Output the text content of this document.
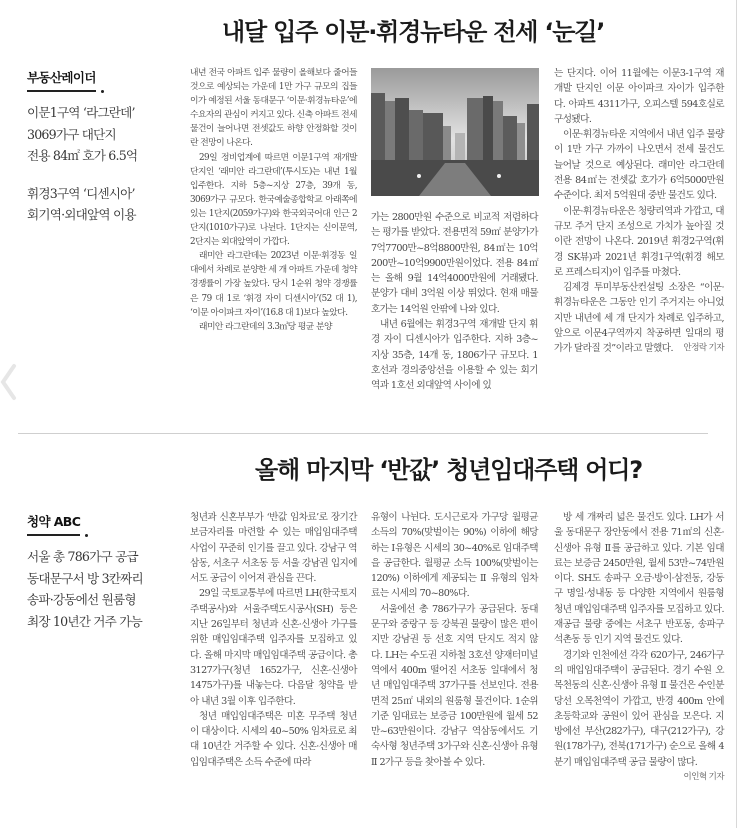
내달 입주 이문·휘경뉴타운 전세 ‘눈길’
부동산레이더
이문1구역 ‘라그란데’
3069가구 대단지
전용 84㎡ 호가 6.5억
휘경3구역 ‘디센시아’
회기역·외대앞역 이용

내년 전국 아파트 입주 물량이 올해보다 줄어들 것으로 예상되는 가운데 1만 가구 규모의 집들이가 예정된 서울 동대문구 ‘이문·휘경뉴타운’에 수요자의 관심이 커지고 있다. 신축 아파트 전세 물건이 늘어나면 전셋값도 하향 안정화할 것이란 전망이 나온다.

29일 정비업계에 따르면 이문1구역 재개발 단지인 ‘래미안 라그란데’(투시도)는 내년 1월 입주한다. 지하 5층~지상 27층, 39개 동, 3069가구 규모다. 한국예술종합학교 아래쪽에 있는 1단지(2059가구)와 한국외국어대 인근 2단지(1010가구)로 나뉜다. 1단지는 신이문역, 2단지는 외대앞역이 가깝다.

래미안 라그란데는 2023년 이문·휘경동 일대에서 차례로 분양한 세 개 아파트 가운데 청약 경쟁률이 가장 높았다. 당시 1순위 청약 경쟁률은 79 대 1로 ‘휘경 자이 디센시아’(52 대 1), ‘이문 아이파크 자이’(16.8 대 1)보다 높았다.

래미안 라그란데의 3.3㎡당 평균 분양

가는 2800만원 수준으로 비교적 저렴하다는 평가를 받았다. 전용면적 59㎡ 분양가가 7억7700만~8억8800만원, 84㎡는 10억200만~10억9900만원이었다. 전용 84㎡는 올해 9월 14억4000만원에 거래됐다. 분양가 대비 3억원 이상 뛰었다. 현재 매물 호가는 14억원 안팎에 나와 있다.

내년 6월에는 휘경3구역 재개발 단지 휘경 자이 디센시아가 입주한다. 지하 3층~지상 35층, 14개 동, 1806가구 규모다. 1호선과 경의중앙선을 이용할 수 있는 회기역과 1호선 외대앞역 사이에 있

는 단지다. 이어 11월에는 이문3-1구역 재개발 단지인 이문 아이파크 자이가 입주한다. 아파트 4311가구, 오피스텔 594호실로 구성됐다.

이문·휘경뉴타운 지역에서 내년 입주 물량이 1만 가구 가까이 나오면서 전세 물건도 늘어날 것으로 예상된다. 래미안 라그란데 전용 84㎡는 전셋값 호가가 6억5000만원 수준이다. 최저 5억원대 중반 물건도 있다.

이문·휘경뉴타운은 청량리역과 가깝고, 대규모 주거 단지 조성으로 가치가 높아질 것이란 전망이 나온다. 2019년 휘경2구역(휘경 SK뷰)과 2021년 휘경1구역(휘경 해모로 프레스티지)이 입주를 마쳤다.

김제경 투미부동산컨설팅 소장은 “이문·휘경뉴타운은 그동안 인기 주거지는 아니었지만 내년에 세 개 단지가 차례로 입주하고, 앞으로 이문4구역까지 착공하면 일대의 평가가 달라질 것”이라고 말했다. 안정락 기자

올해 마지막 ‘반값’ 청년임대주택 어디?
청약 ABC
서울 총 786가구 공급
동대문구서 방 3칸짜리
송파·강동에선 원룸형
최장 10년간 거주 가능

청년과 신혼부부가 ‘반값 임차료’로 장기간 보금자리를 마련할 수 있는 매입임대주택 사업이 꾸준히 인기를 끌고 있다. 강남구 역삼동, 서초구 서초동 등 서울 강남권 입지에서도 공급이 이어져 관심을 끈다.

29일 국토교통부에 따르면 LH(한국토지주택공사)와 서울주택도시공사(SH) 등은 지난 26일부터 청년과 신혼·신생아 가구를 위한 매입임대주택 입주자를 모집하고 있다. 올해 마지막 매입임대주택 공급이다. 총 3127가구(청년 1652가구, 신혼·신생아 1475가구)를 내놓는다. 다음달 청약을 받아 내년 3월 이후 입주한다.

청년 매입임대주택은 미혼 무주택 청년이 대상이다. 시세의 40~50% 임차료로 최대 10년간 거주할 수 있다. 신혼·신생아 매입임대주택은 소득 수준에 따라

유형이 나뉜다. 도시근로자 가구당 월평균 소득의 70%(맞벌이는 90%) 이하에 해당하는 Ⅰ유형은 시세의 30~40%로 임대주택을 공급한다. 월평균 소득 100%(맞벌이는 120%) 이하에게 제공되는 Ⅱ 유형의 임차료는 시세의 70~80%다.

서울에선 총 786가구가 공급된다. 동대문구와 중랑구 등 강북권 물량이 많은 편이지만 강남권 등 선호 지역 단지도 적지 않다. LH는 수도권 지하철 3호선 양재터미널역에서 400m 떨어진 서초동 일대에서 청년 매입임대주택 37가구를 선보인다. 전용면적 25㎡ 내외의 원룸형 물건이다. 1순위 기준 임대료는 보증금 100만원에 월세 52만~63만원이다. 강남구 역삼동에서도 기숙사형 청년주택 3가구와 신혼·신생아 유형 Ⅱ 2가구 등을 찾아볼 수 있다.

방 세 개짜리 넓은 물건도 있다. LH가 서울 동대문구 장안동에서 전용 71㎡의 신혼·신생아 유형 Ⅱ를 공급하고 있다. 기본 임대료는 보증금 2450만원, 월세 53만~74만원이다. SH도 송파구 오금·방이·삼전동, 강동구 명일·성내동 등 다양한 지역에서 원룸형 청년 매입임대주택 입주자를 모집하고 있다. 재공급 물량 중에는 서초구 반포동, 송파구 석촌동 등 인기 지역 물건도 있다.

경기와 인천에선 각각 620가구, 246가구의 매입임대주택이 공급된다. 경기 수원 오목천동의 신혼·신생아 유형 Ⅱ 물건은 수인분당선 오목천역이 가깝고, 반경 400m 안에 초등학교와 공원이 있어 관심을 모은다. 지방에선 부산(282가구), 대구(212가구), 강원(178가구), 전북(171가구) 순으로 올해 4분기 매입임대주택 공급 물량이 많다.
이인혁 기자
